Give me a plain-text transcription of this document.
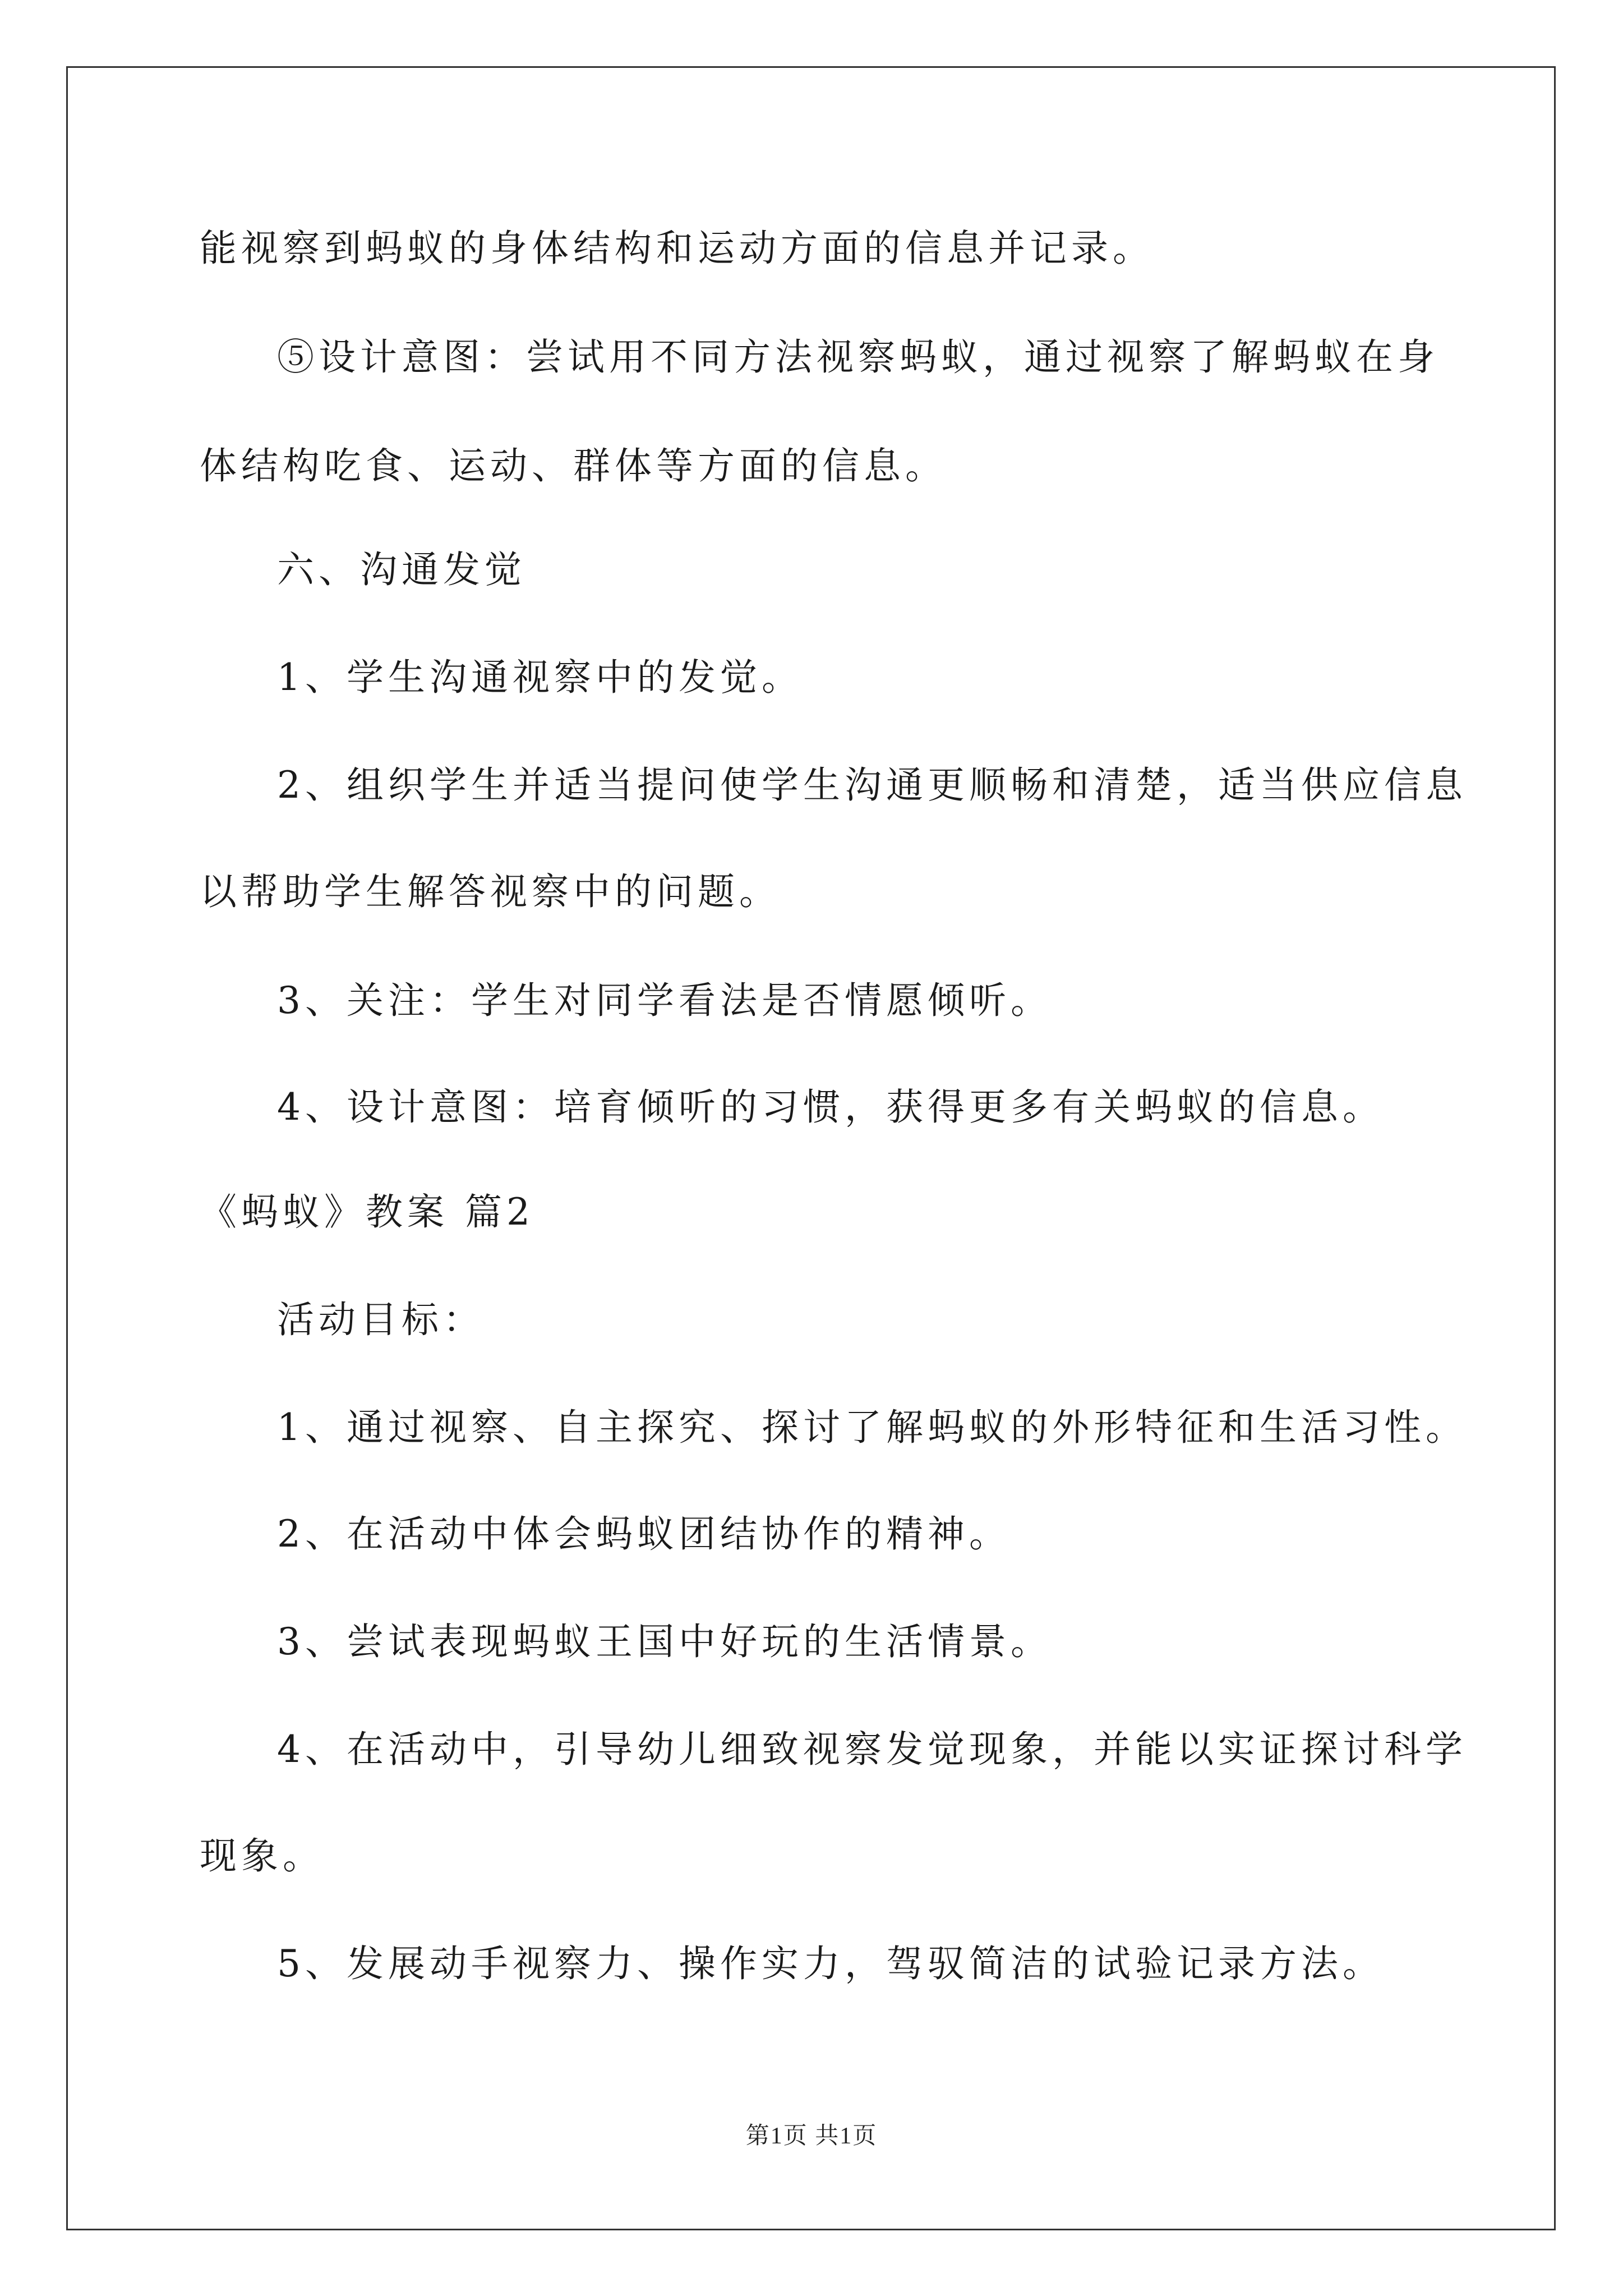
能视察到蚂蚁的身体结构和运动方面的信息并记录。

⑤设计意图：尝试用不同方法视察蚂蚁，通过视察了解蚂蚁在身

体结构吃食、运动、群体等方面的信息。

六、沟通发觉

1、学生沟通视察中的发觉。

2、组织学生并适当提问使学生沟通更顺畅和清楚，适当供应信息

以帮助学生解答视察中的问题。

3、关注：学生对同学看法是否情愿倾听。

4、设计意图：培育倾听的习惯，获得更多有关蚂蚁的信息。

《蚂蚁》教案 篇2

活动目标：

1、通过视察、自主探究、探讨了解蚂蚁的外形特征和生活习性。

2、在活动中体会蚂蚁团结协作的精神。

3、尝试表现蚂蚁王国中好玩的生活情景。

4、在活动中，引导幼儿细致视察发觉现象，并能以实证探讨科学

现象。

5、发展动手视察力、操作实力，驾驭简洁的试验记录方法。

第1页 共1页
